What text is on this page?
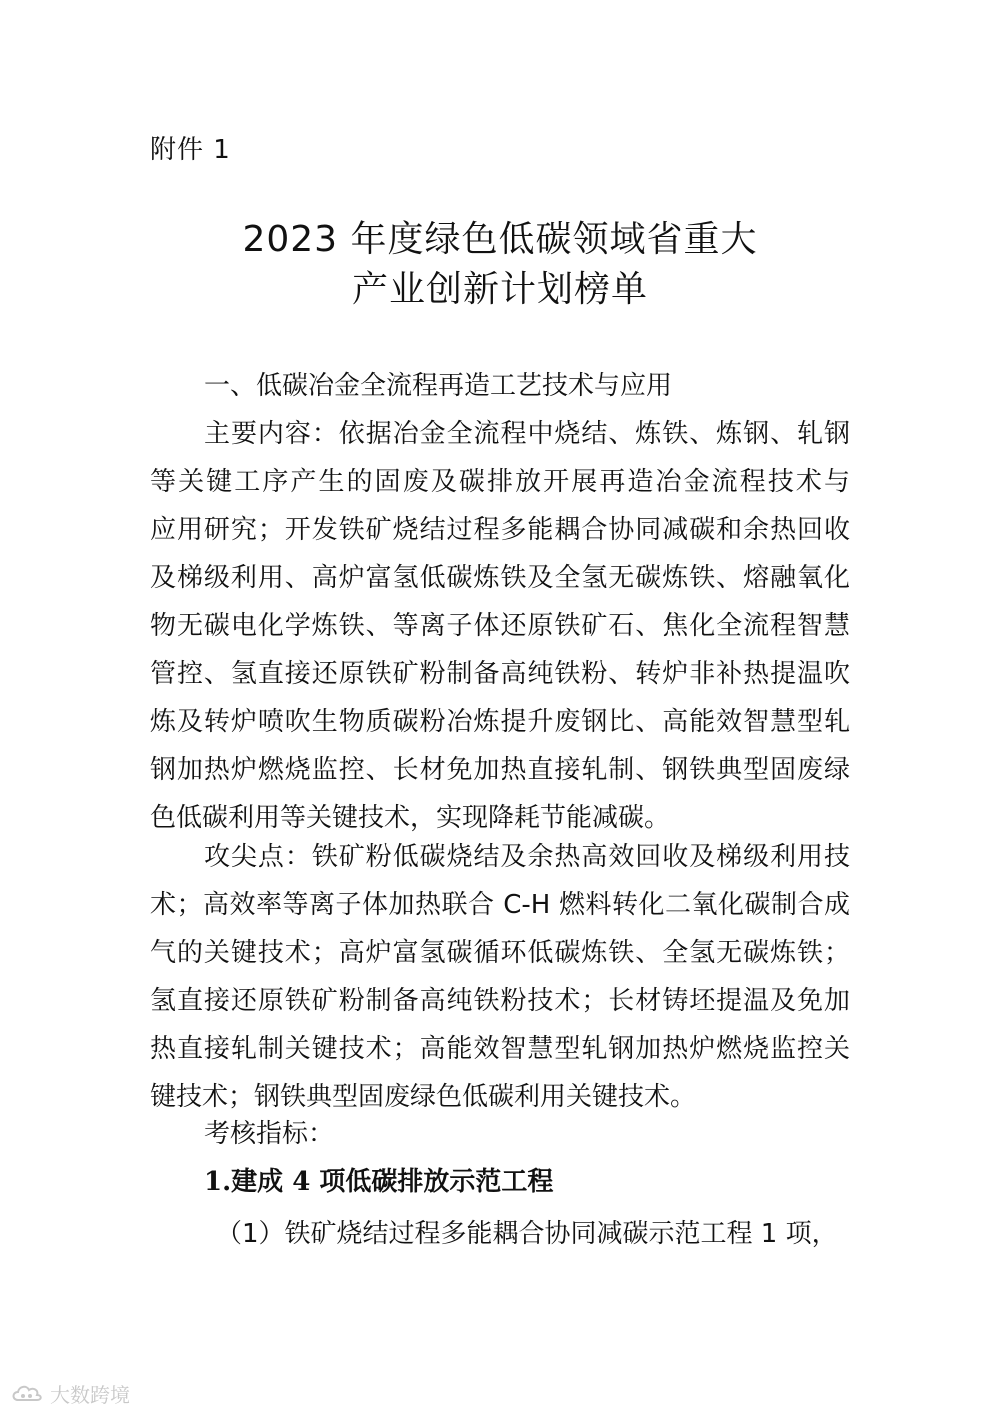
附件 1
2023 年度绿色低碳领域省重大
产业创新计划榜单
一、低碳冶金全流程再造工艺技术与应用
主要内容：依据冶金全流程中烧结、炼铁、炼钢、轧钢
等关键工序产生的固废及碳排放开展再造冶金流程技术与
应用研究；开发铁矿烧结过程多能耦合协同减碳和余热回收
及梯级利用、高炉富氢低碳炼铁及全氢无碳炼铁、熔融氧化
物无碳电化学炼铁、等离子体还原铁矿石、焦化全流程智慧
管控、氢直接还原铁矿粉制备高纯铁粉、转炉非补热提温吹
炼及转炉喷吹生物质碳粉冶炼提升废钢比、高能效智慧型轧
钢加热炉燃烧监控、长材免加热直接轧制、钢铁典型固废绿
色低碳利用等关键技术，实现降耗节能减碳。
攻尖点：铁矿粉低碳烧结及余热高效回收及梯级利用技
术；高效率等离子体加热联合 C-H 燃料转化二氧化碳制合成
气的关键技术；高炉富氢碳循环低碳炼铁、全氢无碳炼铁；
氢直接还原铁矿粉制备高纯铁粉技术；长材铸坯提温及免加
热直接轧制关键技术；高能效智慧型轧钢加热炉燃烧监控关
键技术；钢铁典型固废绿色低碳利用关键技术。
考核指标：
1.建成 4 项低碳排放示范工程
（1）铁矿烧结过程多能耦合协同减碳示范工程 1 项，
大数跨境
